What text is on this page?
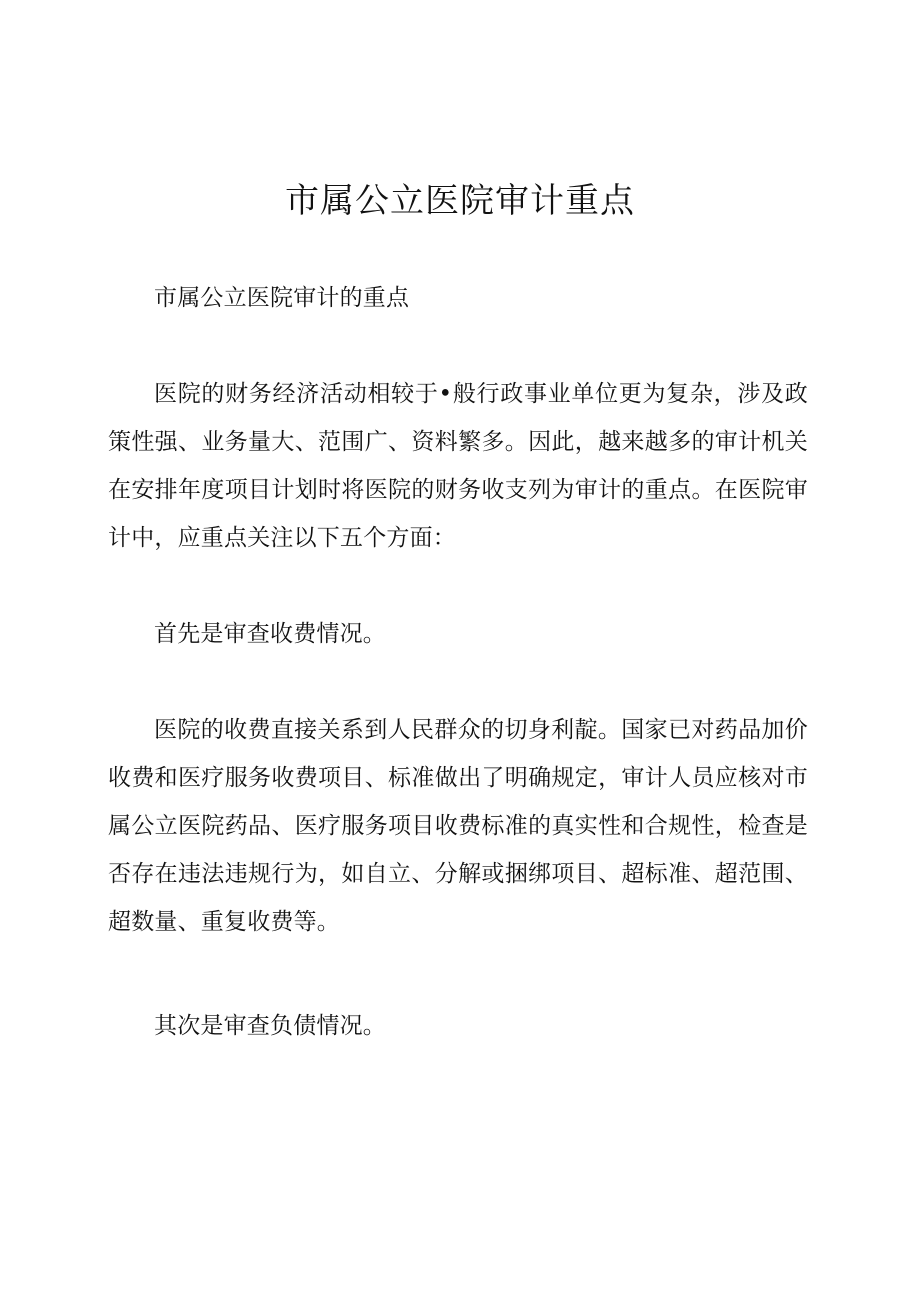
市属公立医院审计重点

市属公立医院审计的重点

医院的财务经济活动相较于•般行政事业单位更为复杂，涉及政策性强、业务量大、范围广、资料繁多。因此，越来越多的审计机关在安排年度项目计划时将医院的财务收支列为审计的重点。在医院审计中，应重点关注以下五个方面：

首先是审查收费情况。

医院的收费直接关系到人民群众的切身利靛。国家已对药品加价收费和医疗服务收费项目、标准做出了明确规定，审计人员应核对市属公立医院药品、医疗服务项目收费标准的真实性和合规性，检查是否存在违法违规行为，如自立、分解或捆绑项目、超标准、超范围、超数量、重复收费等。

其次是审查负债情况。
